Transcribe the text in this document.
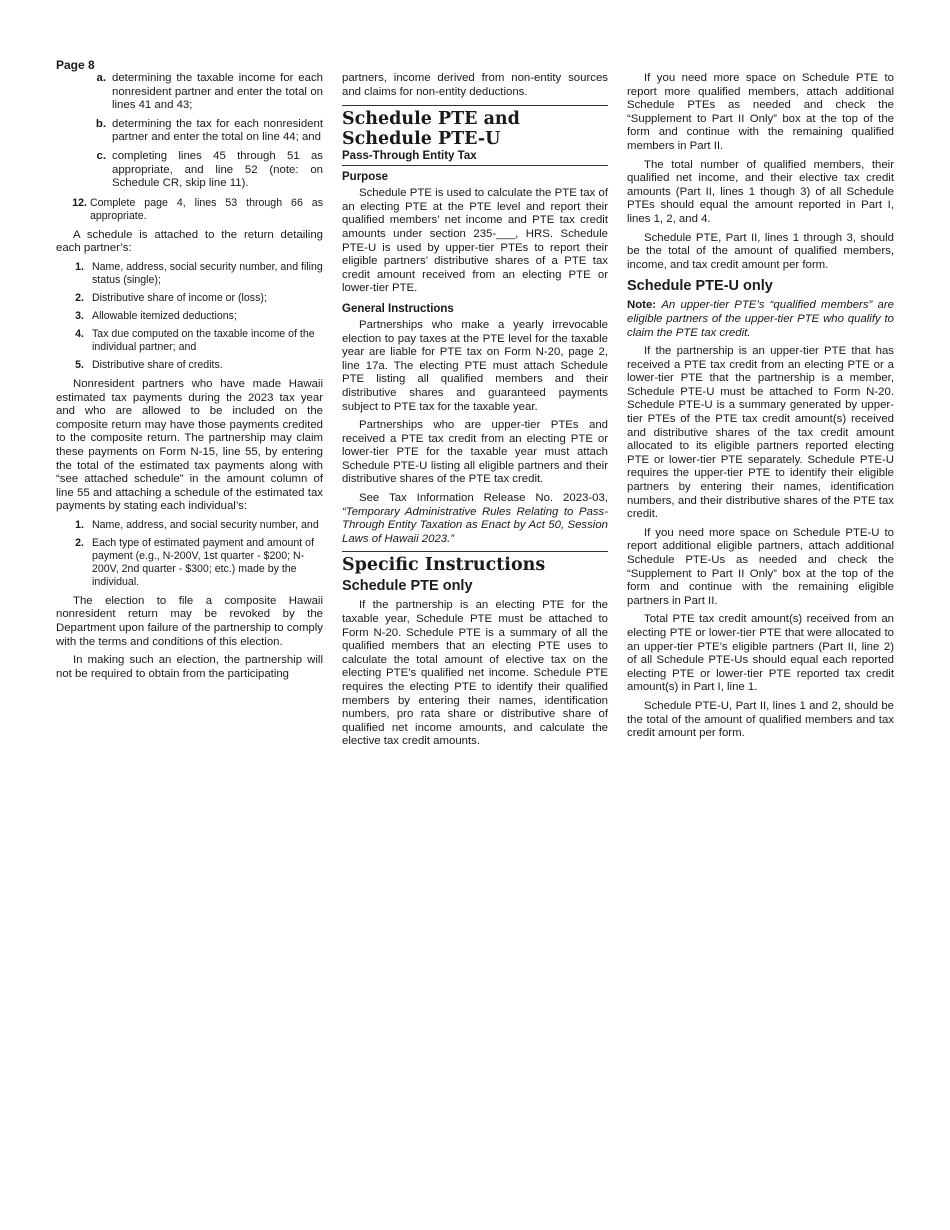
Page 8
a. determining the taxable income for each nonresident partner and enter the total on lines 41 and 43;
b. determining the tax for each nonresident partner and enter the total on line 44; and
c. completing lines 45 through 51 as appropriate, and line 52 (note: on Schedule CR, skip line 11).
12. Complete page 4, lines 53 through 66 as appropriate.

A schedule is attached to the return detailing each partner’s:

1. Name, address, social security number, and filing status (single);
2. Distributive share of income or (loss);
3. Allowable itemized deductions;
4. Tax due computed on the taxable income of the individual partner; and
5. Distributive share of credits.

Nonresident partners who have made Hawaii estimated tax payments during the 2023 tax year and who are allowed to be included on the composite return may have those payments credited to the composite return. The partnership may claim these payments on Form N-15, line 55, by entering the total of the estimated tax payments along with “see attached schedule” in the amount column of line 55 and attaching a schedule of the estimated tax payments by stating each individual’s:

1. Name, address, and social security number, and
2. Each type of estimated payment and amount of payment (e.g., N-200V, 1st quarter - $200; N-200V, 2nd quarter - $300; etc.) made by the individual.

The election to file a composite Hawaii nonresident return may be revoked by the Department upon failure of the partnership to comply with the terms and conditions of this election.

In making such an election, the partnership will not be required to obtain from the participating

partners, income derived from non-entity sources and claims for non-entity deductions.

Schedule PTE and Schedule PTE-U
Pass-Through Entity Tax
Purpose

Schedule PTE is used to calculate the PTE tax of an electing PTE at the PTE level and report their qualified members’ net income and PTE tax credit amounts under section 235-___, HRS. Schedule PTE-U is used by upper-tier PTEs to report their eligible partners’ distributive shares of a PTE tax credit amount received from an electing PTE or lower-tier PTE.

General Instructions

Partnerships who make a yearly irrevocable election to pay taxes at the PTE level for the taxable year are liable for PTE tax on Form N-20, page 2, line 17a. The electing PTE must attach Schedule PTE listing all qualified members and their distributive shares and guaranteed payments subject to PTE tax for the taxable year.

Partnerships who are upper-tier PTEs and received a PTE tax credit from an electing PTE or lower-tier PTE for the taxable year must attach Schedule PTE-U listing all eligible partners and their distributive shares of the PTE tax credit.

See Tax Information Release No. 2023-03, “Temporary Administrative Rules Relating to Pass-Through Entity Taxation as Enact by Act 50, Session Laws of Hawaii 2023.”

Specific Instructions
Schedule PTE only

If the partnership is an electing PTE for the taxable year, Schedule PTE must be attached to Form N-20. Schedule PTE is a summary of all the qualified members that an electing PTE uses to calculate the total amount of elective tax on the electing PTE’s qualified net income. Schedule PTE requires the electing PTE to identify their qualified members by entering their names, identification numbers, pro rata share or distributive share of qualified net income amounts, and calculate the elective tax credit amounts.

If you need more space on Schedule PTE to report more qualified members, attach additional Schedule PTEs as needed and check the “Supplement to Part II Only” box at the top of the form and continue with the remaining qualified members in Part II.

The total number of qualified members, their qualified net income, and their elective tax credit amounts (Part II, lines 1 though 3) of all Schedule PTEs should equal the amount reported in Part I, lines 1, 2, and 4.

Schedule PTE, Part II, lines 1 through 3, should be the total of the amount of qualified members, income, and tax credit amount per form.

Schedule PTE-U only

Note: An upper-tier PTE’s “qualified members” are eligible partners of the upper-tier PTE who qualify to claim the PTE tax credit.

If the partnership is an upper-tier PTE that has received a PTE tax credit from an electing PTE or a lower-tier PTE that the partnership is a member, Schedule PTE-U must be attached to Form N-20. Schedule PTE-U is a summary generated by upper-tier PTEs of the PTE tax credit amount(s) received and distributive shares of the tax credit amount allocated to its eligible partners reported electing PTE or lower-tier PTE separately. Schedule PTE-U requires the upper-tier PTE to identify their eligible partners by entering their names, identification numbers, and their distributive shares of the PTE tax credit.

If you need more space on Schedule PTE-U to report additional eligible partners, attach additional Schedule PTE-Us as needed and check the “Supplement to Part II Only” box at the top of the form and continue with the remaining eligible partners in Part II.

Total PTE tax credit amount(s) received from an electing PTE or lower-tier PTE that were allocated to an upper-tier PTE’s eligible partners (Part II, line 2) of all Schedule PTE-Us should equal each reported electing PTE or lower-tier PTE reported tax credit amount(s) in Part I, line 1.

Schedule PTE-U, Part II, lines 1 and 2, should be the total of the amount of qualified members and tax credit amount per form.
